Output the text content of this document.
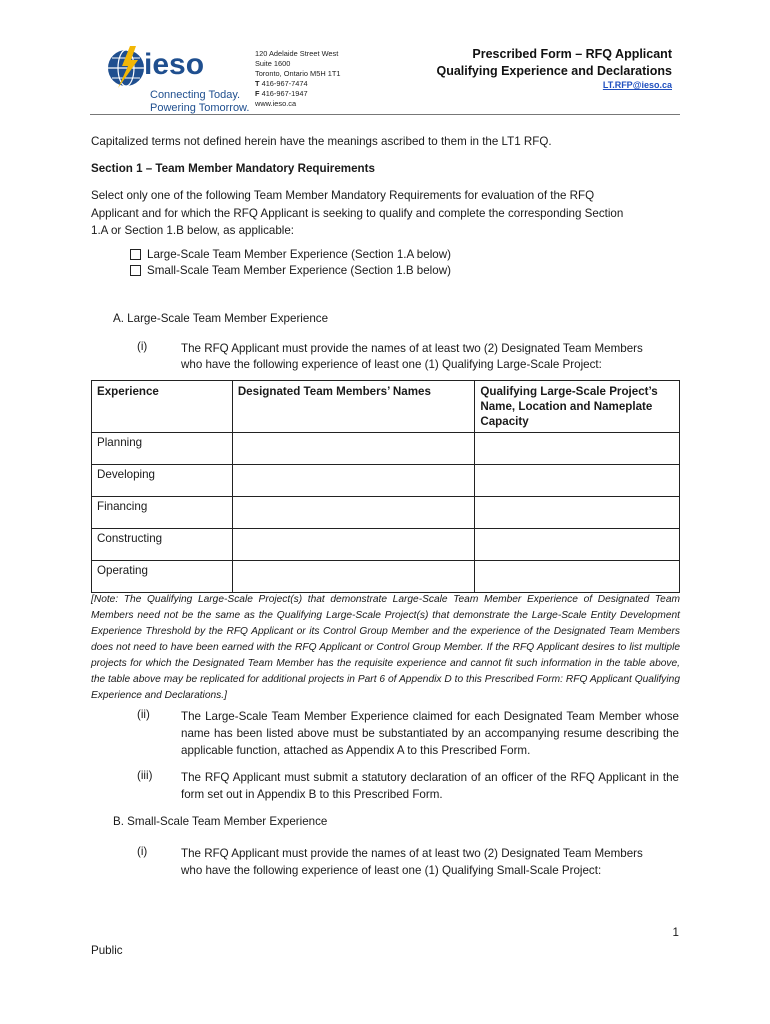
ieso
Connecting Today.
Powering Tomorrow.
120 Adelaide Street West
Suite 1600
Toronto, Ontario M5H 1T1
T 416-967-7474
F 416-967-1947
www.ieso.ca
Prescribed Form – RFQ Applicant
Qualifying Experience and Declarations
LT.RFP@ieso.ca
Capitalized terms not defined herein have the meanings ascribed to them in the LT1 RFQ.
Section 1 – Team Member Mandatory Requirements
Select only one of the following Team Member Mandatory Requirements for evaluation of the RFQ
Applicant and for which the RFQ Applicant is seeking to qualify and complete the corresponding Section
1.A or Section 1.B below, as applicable:
Large-Scale Team Member Experience (Section 1.A below)
Small-Scale Team Member Experience (Section 1.B below)
A. Large-Scale Team Member Experience
(i)	The RFQ Applicant must provide the names of at least two (2) Designated Team Members
who have the following experience of least one (1) Qualifying Large-Scale Project:
Experience	Designated Team Members’ Names	Qualifying Large-Scale Project’s Name, Location and Nameplate Capacity
Planning		
Developing		
Financing		
Constructing		
Operating		
[Note: The Qualifying Large-Scale Project(s) that demonstrate Large-Scale Team Member Experience of Designated Team Members need not be the same as the Qualifying Large-Scale Project(s) that demonstrate the Large-Scale Entity Development Experience Threshold by the RFQ Applicant or its Control Group Member and the experience of the Designated Team Members does not need to have been earned with the RFQ Applicant or Control Group Member. If the RFQ Applicant desires to list multiple projects for which the Designated Team Member has the requisite experience and cannot fit such information in the table above, the table above may be replicated for additional projects in Part 6 of Appendix D to this Prescribed Form: RFQ Applicant Qualifying Experience and Declarations.]
(ii)	The Large-Scale Team Member Experience claimed for each Designated Team Member whose name has been listed above must be substantiated by an accompanying resume describing the applicable function, attached as Appendix A to this Prescribed Form.
(iii) The RFQ Applicant must submit a statutory declaration of an officer of the RFQ Applicant in the form set out in Appendix B to this Prescribed Form.
B. Small-Scale Team Member Experience
(i)	The RFQ Applicant must provide the names of at least two (2) Designated Team Members
who have the following experience of least one (1) Qualifying Small-Scale Project:
1
Public
